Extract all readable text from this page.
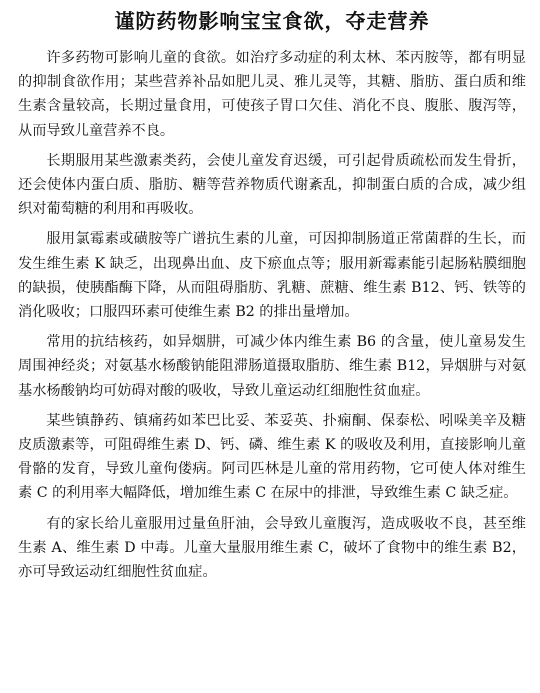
谨防药物影响宝宝食欲，夺走营养

许多药物可影响儿童的食欲。如治疗多动症的利太林、苯丙胺等，都有明显的抑制食欲作用；某些营养补品如肥儿灵、雅儿灵等，其糖、脂肪、蛋白质和维生素含量较高，长期过量食用，可使孩子胃口欠佳、消化不良、腹胀、腹泻等，从而导致儿童营养不良。

长期服用某些激素类药，会使儿童发育迟缓，可引起骨质疏松而发生骨折，还会使体内蛋白质、脂肪、糖等营养物质代谢紊乱，抑制蛋白质的合成，减少组织对葡萄糖的利用和再吸收。

服用氯霉素或磺胺等广谱抗生素的儿童，可因抑制肠道正常菌群的生长，而发生维生素 K 缺乏，出现鼻出血、皮下瘀血点等；服用新霉素能引起肠粘膜细胞的缺损，使胰酯酶下降，从而阻碍脂肪、乳糖、蔗糖、维生素 B12、钙、铁等的消化吸收；口服四环素可使维生素 B2 的排出量增加。

常用的抗结核药，如异烟肼，可减少体内维生素 B6 的含量，使儿童易发生周围神经炎；对氨基水杨酸钠能阻滞肠道摄取脂肪、维生素 B12，异烟肼与对氨基水杨酸钠均可妨碍对酸的吸收，导致儿童运动红细胞性贫血症。

某些镇静药、镇痛药如苯巴比妥、苯妥英、扑痫酮、保泰松、吲哚美辛及糖皮质激素等，可阻碍维生素 D、钙、磷、维生素 K 的吸收及利用，直接影响儿童骨骼的发育，导致儿童佝偻病。阿司匹林是儿童的常用药物，它可使人体对维生素 C 的利用率大幅降低，增加维生素 C 在尿中的排泄，导致维生素 C 缺乏症。

有的家长给儿童服用过量鱼肝油，会导致儿童腹泻，造成吸收不良，甚至维生素 A、维生素 D 中毒。儿童大量服用维生素 C，破坏了食物中的维生素 B2，亦可导致运动红细胞性贫血症。
